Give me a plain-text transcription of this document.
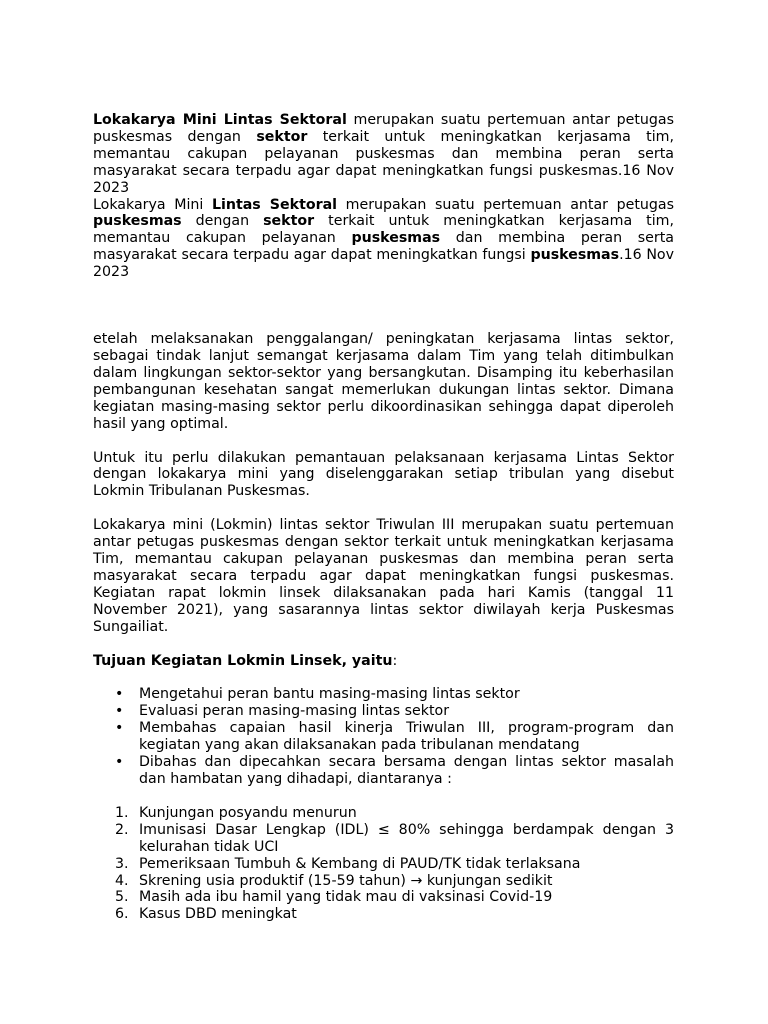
Lokakarya Mini Lintas Sektoral merupakan suatu pertemuan antar petugas puskesmas dengan sektor terkait untuk meningkatkan kerjasama tim, memantau cakupan pelayanan puskesmas dan membina peran serta masyarakat secara terpadu agar dapat meningkatkan fungsi puskesmas.16 Nov 2023

Lokakarya Mini Lintas Sektoral merupakan suatu pertemuan antar petugas puskesmas dengan sektor terkait untuk meningkatkan kerjasama tim, memantau cakupan pelayanan puskesmas dan membina peran serta masyarakat secara terpadu agar dapat meningkatkan fungsi puskesmas.16 Nov 2023

etelah melaksanakan penggalangan/ peningkatan kerjasama lintas sektor, sebagai tindak lanjut semangat kerjasama dalam Tim yang telah ditimbulkan dalam lingkungan sektor-sektor yang bersangkutan. Disamping itu keberhasilan pembangunan kesehatan sangat memerlukan dukungan lintas sektor. Dimana kegiatan masing-masing sektor perlu dikoordinasikan sehingga dapat diperoleh hasil yang optimal.

Untuk itu perlu dilakukan pemantauan pelaksanaan kerjasama Lintas Sektor dengan lokakarya mini yang diselenggarakan setiap tribulan yang disebut Lokmin Tribulanan Puskesmas.

Lokakarya mini (Lokmin) lintas sektor Triwulan III merupakan suatu pertemuan antar petugas puskesmas dengan sektor terkait untuk meningkatkan kerjasama Tim, memantau cakupan pelayanan puskesmas dan membina peran serta masyarakat secara terpadu agar dapat meningkatkan fungsi puskesmas. Kegiatan rapat lokmin linsek dilaksanakan pada hari Kamis (tanggal 11 November 2021), yang sasarannya lintas sektor diwilayah kerja Puskesmas Sungailiat.

Tujuan Kegiatan Lokmin Linsek, yaitu:

• Mengetahui peran bantu masing-masing lintas sektor
• Evaluasi peran masing-masing lintas sektor
• Membahas capaian hasil kinerja Triwulan III, program-program dan kegiatan yang akan dilaksanakan pada tribulanan mendatang
• Dibahas dan dipecahkan secara bersama dengan lintas sektor masalah dan hambatan yang dihadapi, diantaranya :
1. Kunjungan posyandu menurun
2. Imunisasi Dasar Lengkap (IDL) ≤ 80% sehingga berdampak dengan 3 kelurahan tidak UCI
3. Pemeriksaan Tumbuh & Kembang di PAUD/TK tidak terlaksana
4. Skrening usia produktif (15-59 tahun) → kunjungan sedikit
5. Masih ada ibu hamil yang tidak mau di vaksinasi Covid-19
6. Kasus DBD meningkat
